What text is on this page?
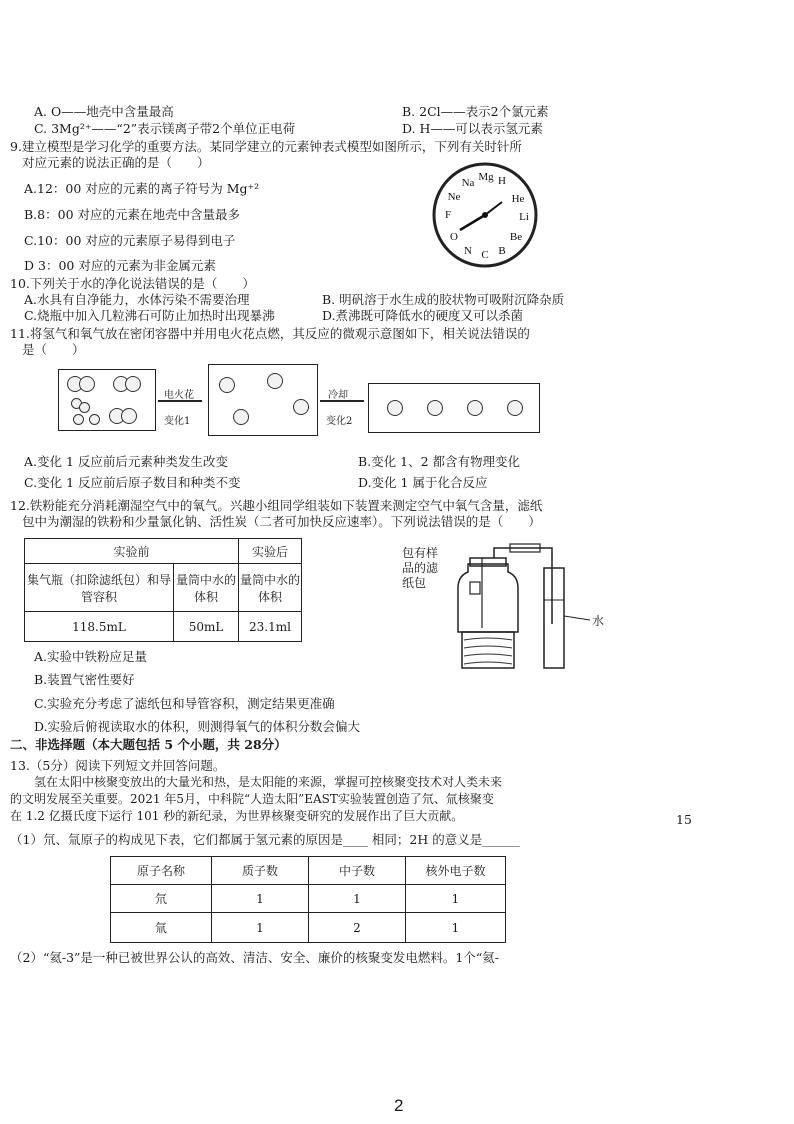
A. O——地壳中含量最高	B. 2Cl——表示2个氯元素
C. 3Mg²⁺——“2”表示镁离子带2个单位正电荷	D. H——可以表示氢元素
9.建立模型是学习化学的重要方法。某同学建立的元素钟表式模型如图所示，下列有关时针所
对应元素的说法正确的是（　　）
A.12：00 对应的元素的离子符号为 Mg⁺²
B.8：00 对应的元素在地壳中含量最多
C.10：00 对应的元素原子易得到电子
D 3：00 对应的元素为非金属元素
H
He
Li
Be
B
C
N
O
F
Ne
Na Mg
10.下列关于水的净化说法错误的是（　　）
A.水具有自净能力，水体污染不需要治理	B. 明矾溶于水生成的胶状物可吸附沉降杂质
C.烧瓶中加入几粒沸石可防止加热时出现暴沸	D.煮沸既可降低水的硬度又可以杀菌
11.将氢气和氧气放在密闭容器中并用电火花点燃，其反应的微观示意图如下，相关说法错误的
是（　　）
电火花
变化1
冷却
变化2
A.变化 1 反应前后元素种类发生改变	B.变化 1、2 都含有物理变化
C.变化 1 反应前后原子数目和种类不变	D.变化 1 属于化合反应
12.铁粉能充分消耗潮湿空气中的氧气。兴趣小组同学组装如下装置来测定空气中氧气含量，滤纸
包中为潮湿的铁粉和少量氯化钠、活性炭（二者可加快反应速率）。下列说法错误的是（　　）
实验前		实验后
集气瓶（扣除滤纸包）和导管容积	量筒中水的体积	量筒中水的体积
118.5mL	50mL	23.1ml
包有样品的滤纸包
水
A.实验中铁粉应足量
B.装置气密性要好
C.实验充分考虑了滤纸包和导管容积，测定结果更准确
D.实验后俯视读取水的体积，则测得氧气的体积分数会偏大
二、非选择题（本大题包括 5 个小题，共 28分）
13.（5分）阅读下列短文并回答问题。
　　氢在太阳中核聚变放出的大量光和热，是太阳能的来源，掌握可控核聚变技术对人类未来
的文明发展至关重要。2021 年5月，中科院“人造太阳”EAST实验装置创造了氘、氚核聚变
在 1.2 亿摄氏度下运行 101 秒的新纪录，为世界核聚变研究的发展作出了巨大贡献。	15
（1）氘、氚原子的构成见下表，它们都属于氢元素的原因是____ 相同；2H 的意义是______
原子名称	质子数	中子数	核外电子数
氘	1	1	1
氚	1	2	1
（2）“氦-3”是一种已被世界公认的高效、清洁、安全、廉价的核聚变发电燃料。1个“氦-
2
